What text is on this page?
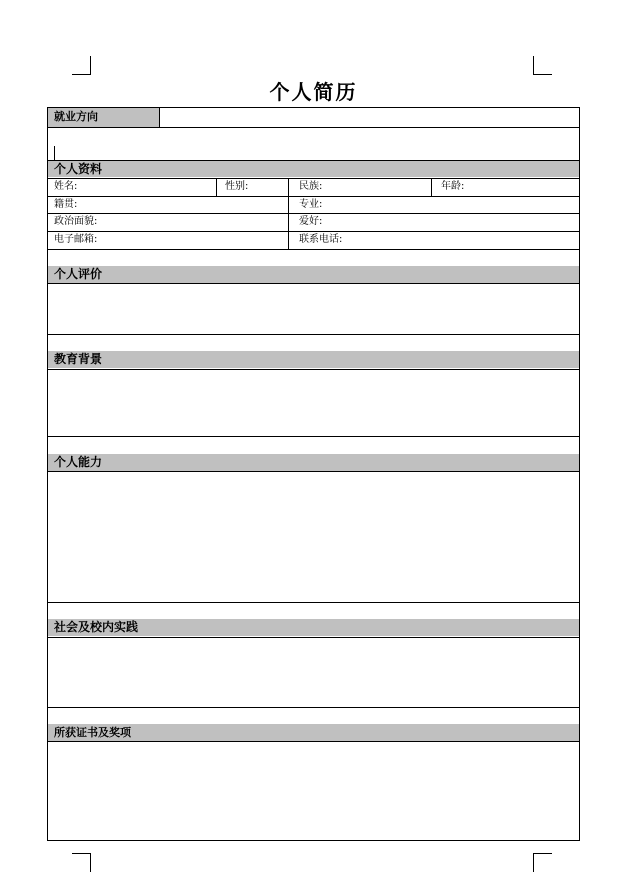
个人简历
就业方向
个人资料
姓名:	性别:	民族:	年龄:
籍贯:	专业:
政治面貌:	爱好:
电子邮箱:	联系电话:
个人评价
教育背景
个人能力
社会及校内实践
所获证书及奖项
